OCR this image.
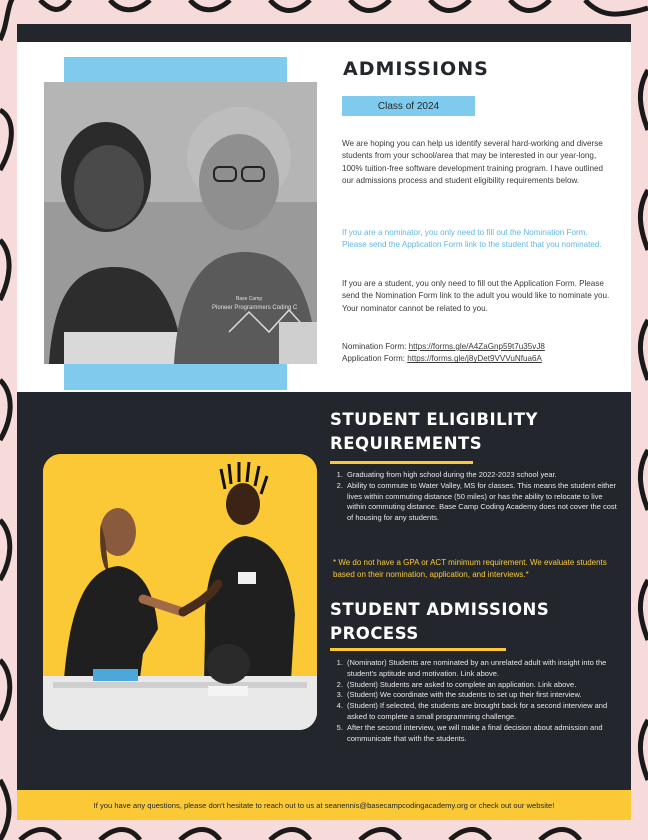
Base Camp
Pioneer Programmers Coding C
ADMISSIONS
Class of 2024

We are hoping you can help us identify several hard-working and diverse students from your school/area that may be interested in our year-long, 100% tuition-free software development training program. I have outlined our admissions process and student eligibility requirements below.

If you are a nominator, you only need to fill out the Nomination Form. Please send the Application Form link to the student that you nominated.

If you are a student, you only need to fill out the Application Form. Please send the Nomination Form link to the adult you would like to nominate you. Your nominator cannot be related to you.

Nomination Form: https://forms.gle/A4ZaGnp59t7u35vJ8
Application Form: https://forms.gle/j8yDet9VVVuNfua6A
STUDENT ELIGIBILITY
REQUIREMENTS
1. Graduating from high school during the 2022-2023 school year.
2. Ability to commute to Water Valley, MS for classes. This means the student either lives within commuting distance (50 miles) or has the ability to relocate to live within commuting distance. Base Camp Coding Academy does not cover the cost of housing for any students.

* We do not have a GPA or ACT minimum requirement. We evaluate students based on their nomination, application, and interviews.*

STUDENT ADMISSIONS
PROCESS
1. (Nominator) Students are nominated by an unrelated adult with insight into the student's aptitude and motivation. Link above.
2. (Student) Students are asked to complete an application. Link above.
3. (Student) We coordinate with the students to set up their first interview.
4. (Student) If selected, the students are brought back for a second interview and asked to complete a small programming challenge.
5. After the second interview, we will make a final decision about admission and communicate that with the students.
If you have any questions, please don't hesitate to reach out to us at seanennis@basecampcodingacademy.org or check out our website!
